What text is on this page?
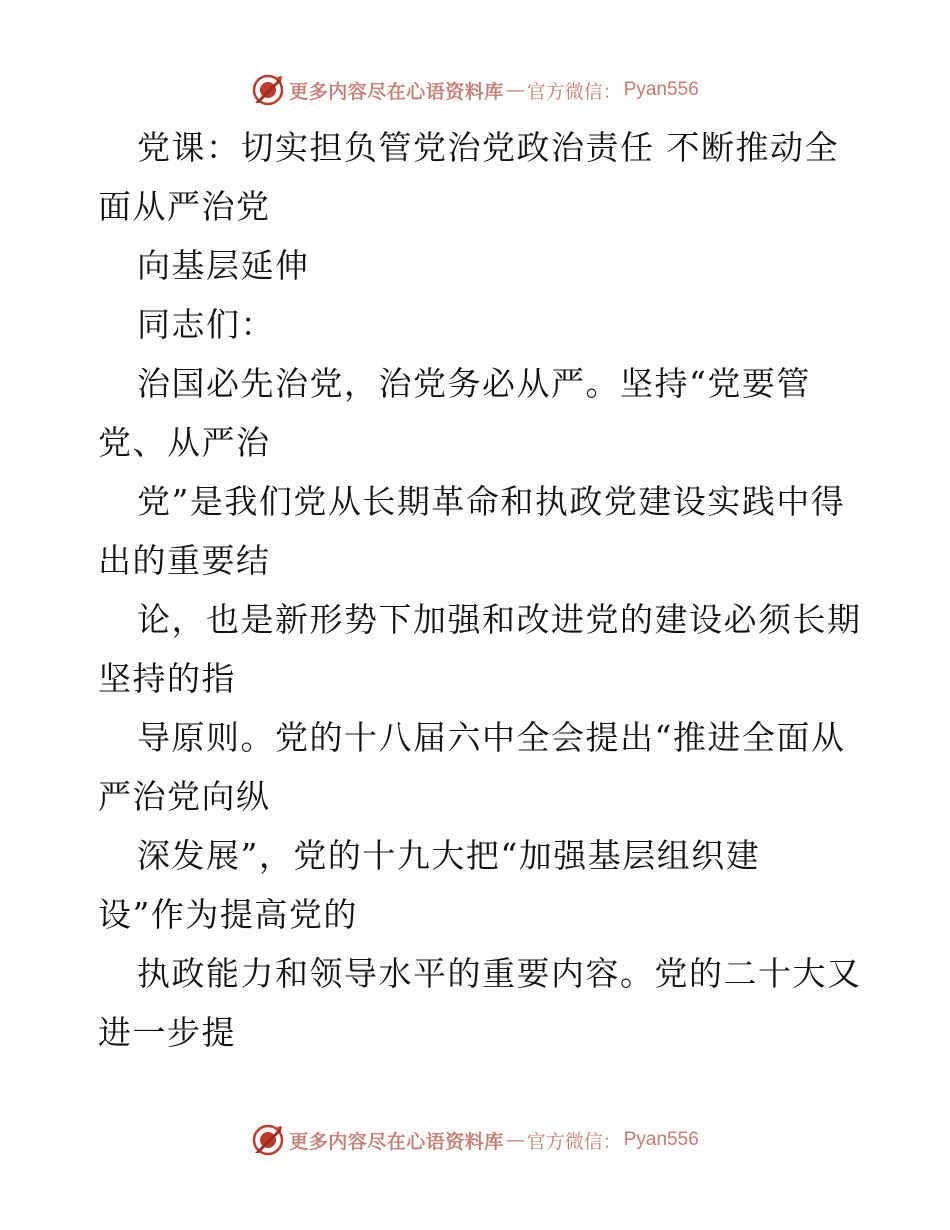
更多内容尽在心语资料库 — 官方微信： Pyan556
党课：切实担负管党治党政治责任 不断推动全
面从严治党
向基层延伸
同志们：
治国必先治党，治党务必从严。坚持“党要管
党、从严治
党”是我们党从长期革命和执政党建设实践中得
出的重要结
论，也是新形势下加强和改进党的建设必须长期
坚持的指
导原则。党的十八届六中全会提出“推进全面从
严治党向纵
深发展”，党的十九大把“加强基层组织建
设”作为提高党的
执政能力和领导水平的重要内容。党的二十大又
进一步提
更多内容尽在心语资料库 — 官方微信： Pyan556
